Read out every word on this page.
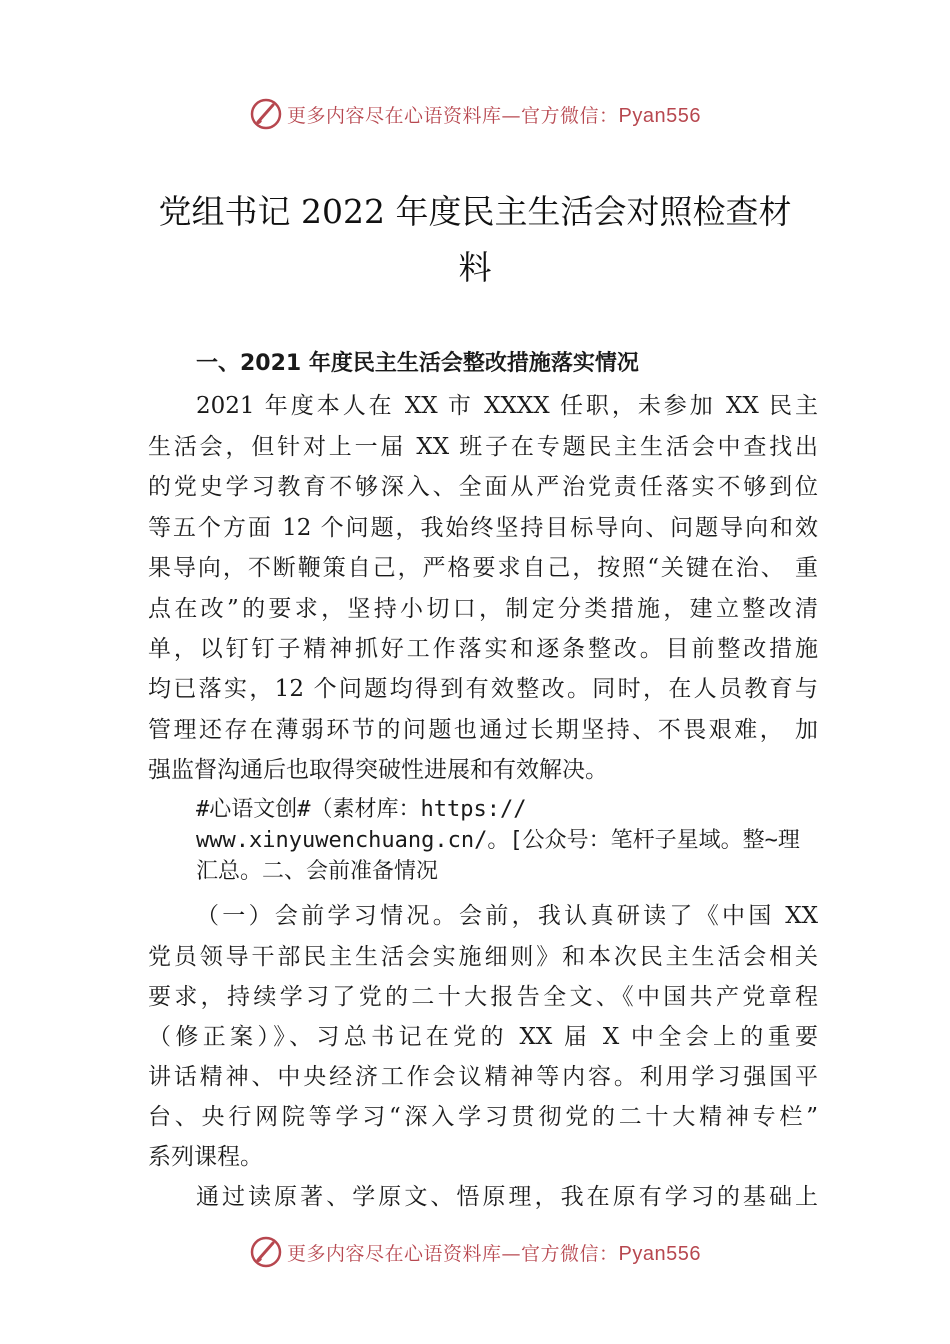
更多内容尽在心语资料库—官方微信：Pyan556
党组书记 2022 年度民主生活会对照检查材
料
一、2021 年度民主生活会整改措施落实情况
2021 年度本人在 XX 市 XXXX 任职，未参加 XX 民主
生活会，但针对上一届 XX 班子在专题民主生活会中查找出
的党史学习教育不够深入、全面从严治党责任落实不够到位
等五个方面 12 个问题，我始终坚持目标导向、问题导向和效
果导向，不断鞭策自己，严格要求自己，按照“关键在治、 重
点在改”的要求，坚持小切口，制定分类措施，建立整改清
单，以钉钉子精神抓好工作落实和逐条整改。目前整改措施
均已落实，12 个问题均得到有效整改。同时，在人员教育与
管理还存在薄弱环节的问题也通过长期坚持、不畏艰难， 加
强监督沟通后也取得突破性进展和有效解决。
#心语文创#（素材库：https://
www.xinyuwenchuang.cn/。[公众号：笔杆子星域。整~理
汇总。二、会前准备情况
（一）会前学习情况。会前，我认真研读了《中国 XX
党员领导干部民主生活会实施细则》和本次民主生活会相关
要求，持续学习了党的二十大报告全文、《中国共产党章程
（修正案）》、习总书记在党的 XX 届 X 中全会上的重要
讲话精神、中央经济工作会议精神等内容。利用学习强国平
台、央行网院等学习“深入学习贯彻党的二十大精神专栏”
系列课程。
通过读原著、学原文、悟原理，我在原有学习的基础上
更多内容尽在心语资料库—官方微信：Pyan556
